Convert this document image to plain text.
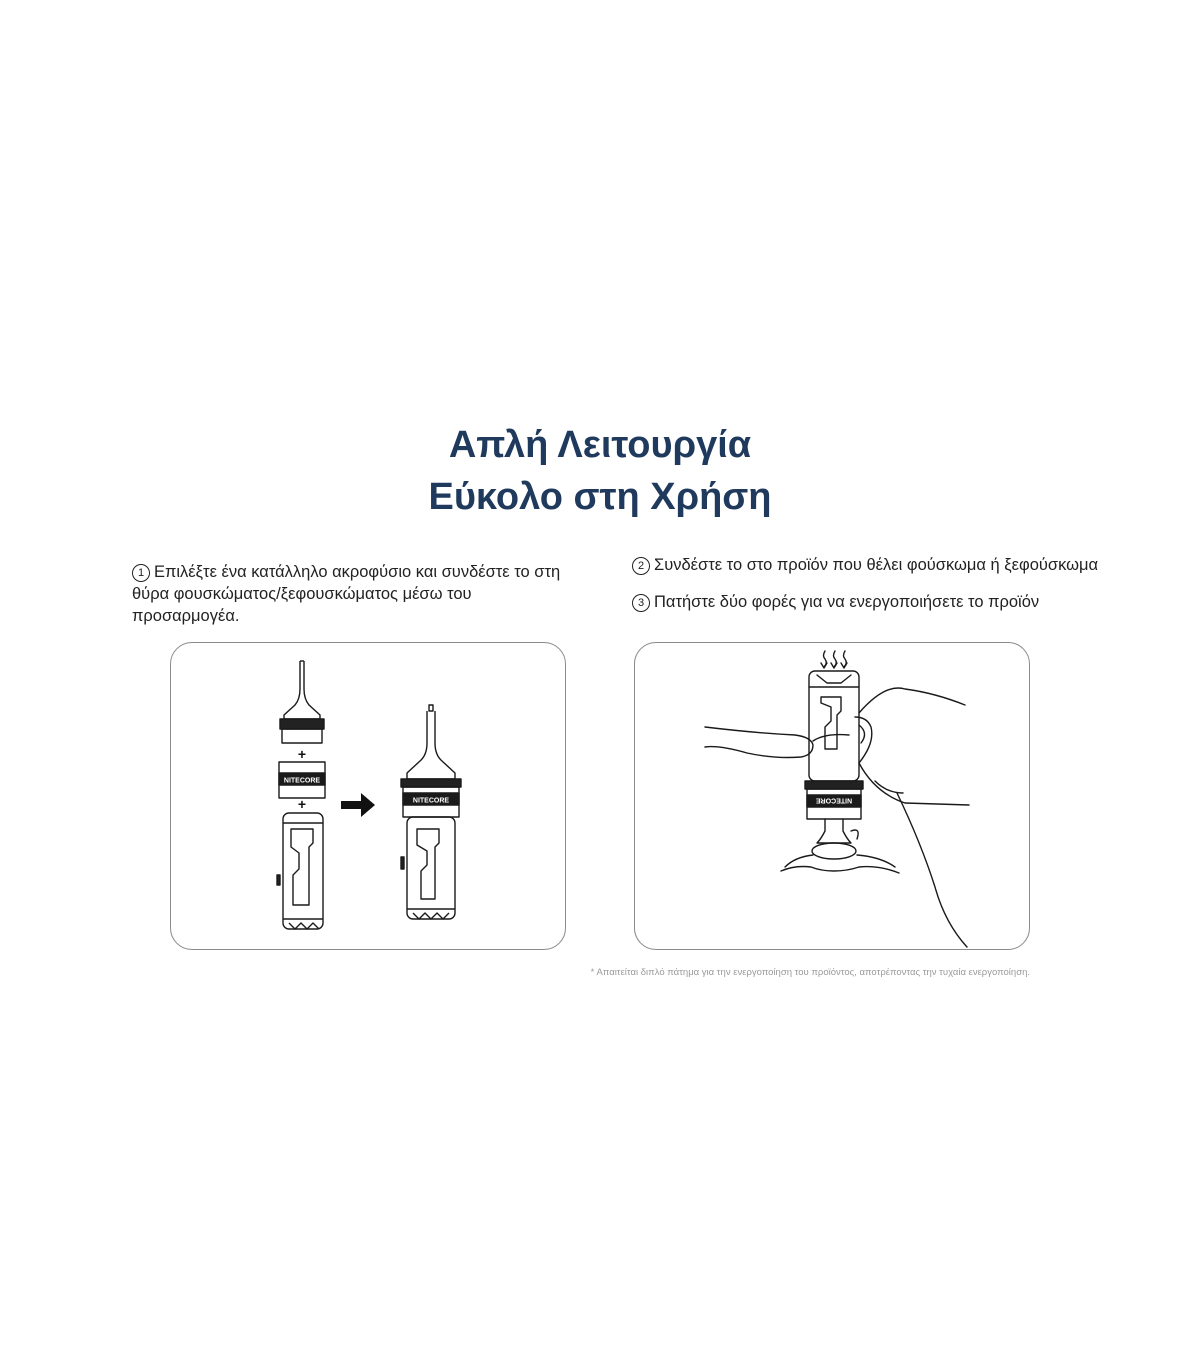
Απλή Λειτουργία
Εύκολο στη Χρήση
1 Επιλέξτε ένα κατάλληλο ακροφύσιο και συνδέστε το στη θύρα φουσκώματος/ξεφουσκώματος μέσω του προσαρμογέα.
2 Συνδέστε το στο προϊόν που θέλει φούσκωμα ή ξεφούσκωμα
3 Πατήστε δύο φορές για να ενεργοποιήσετε το προϊόν
+
NITECORE
+	NITECORE	NITECORE
* Απαιτείται διπλό πάτημα για την ενεργοποίηση του προϊόντος, αποτρέποντας την τυχαία ενεργοποίηση.
